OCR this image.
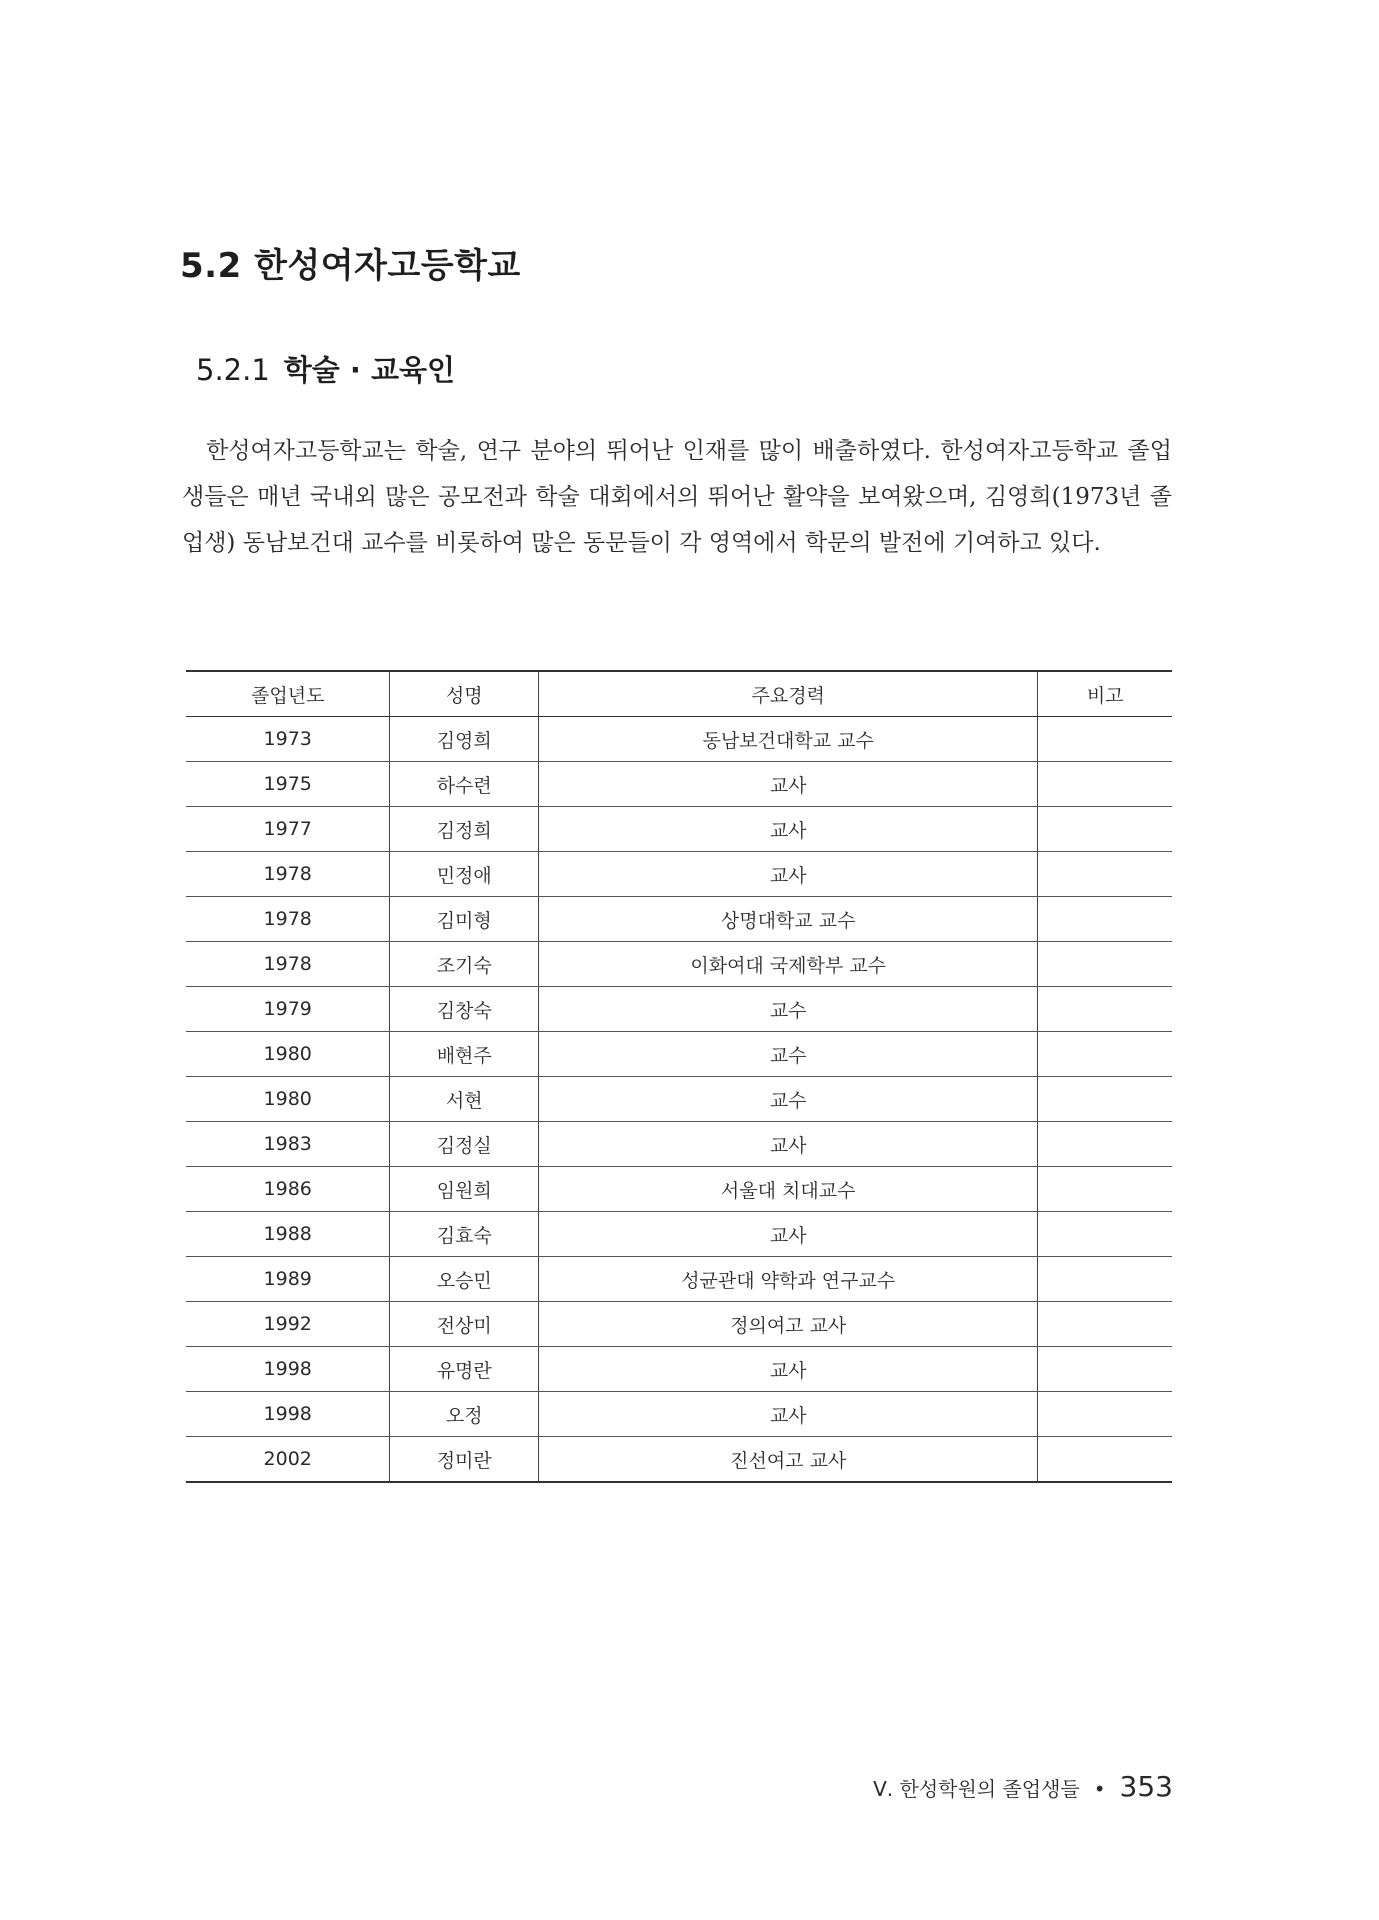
5.2 한성여자고등학교
5.2.1 학술 · 교육인

한성여자고등학교는 학술, 연구 분야의 뛰어난 인재를 많이 배출하였다. 한성여자고등학교 졸업생들은 매년 국내외 많은 공모전과 학술 대회에서의 뛰어난 활약을 보여왔으며, 김영희(1973년 졸업생) 동남보건대 교수를 비롯하여 많은 동문들이 각 영역에서 학문의 발전에 기여하고 있다.

졸업년도	성명	주요경력	비고
1973	김영희	동남보건대학교 교수	
1975	하수련	교사	
1977	김정희	교사	
1978	민정애	교사	
1978	김미형	상명대학교 교수	
1978	조기숙	이화여대 국제학부 교수	
1979	김창숙	교수	
1980	배현주	교수	
1980	서현	교수	
1983	김정실	교사	
1986	임원희	서울대 치대교수	
1988	김효숙	교사	
1989	오승민	성균관대 약학과 연구교수	
1992	전상미	정의여고 교사	
1998	유명란	교사	
1998	오정	교사	
2002	정미란	진선여고 교사	
Ⅴ. 한성학원의 졸업생들 • 353
